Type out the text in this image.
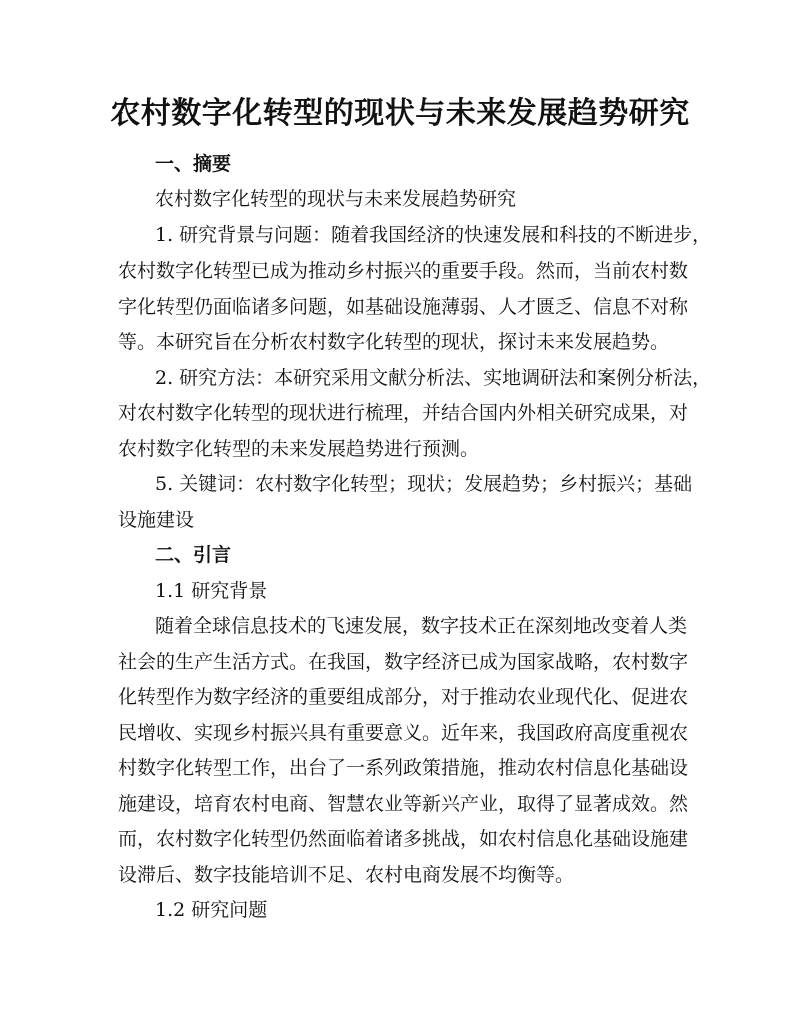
农村数字化转型的现状与未来发展趋势研究

一、摘要

农村数字化转型的现状与未来发展趋势研究

1. 研究背景与问题：随着我国经济的快速发展和科技的不断进步，

农村数字化转型已成为推动乡村振兴的重要手段。然而，当前农村数

字化转型仍面临诸多问题，如基础设施薄弱、人才匮乏、信息不对称

等。本研究旨在分析农村数字化转型的现状，探讨未来发展趋势。

2. 研究方法：本研究采用文献分析法、实地调研法和案例分析法，

对农村数字化转型的现状进行梳理，并结合国内外相关研究成果，对

农村数字化转型的未来发展趋势进行预测。

5. 关键词：农村数字化转型；现状；发展趋势；乡村振兴；基础

设施建设

二、引言

1.1 研究背景

随着全球信息技术的飞速发展，数字技术正在深刻地改变着人类

社会的生产生活方式。在我国，数字经济已成为国家战略，农村数字

化转型作为数字经济的重要组成部分，对于推动农业现代化、促进农

民增收、实现乡村振兴具有重要意义。近年来，我国政府高度重视农

村数字化转型工作，出台了一系列政策措施，推动农村信息化基础设

施建设，培育农村电商、智慧农业等新兴产业，取得了显著成效。然

而，农村数字化转型仍然面临着诸多挑战，如农村信息化基础设施建

设滞后、数字技能培训不足、农村电商发展不均衡等。

1.2 研究问题
